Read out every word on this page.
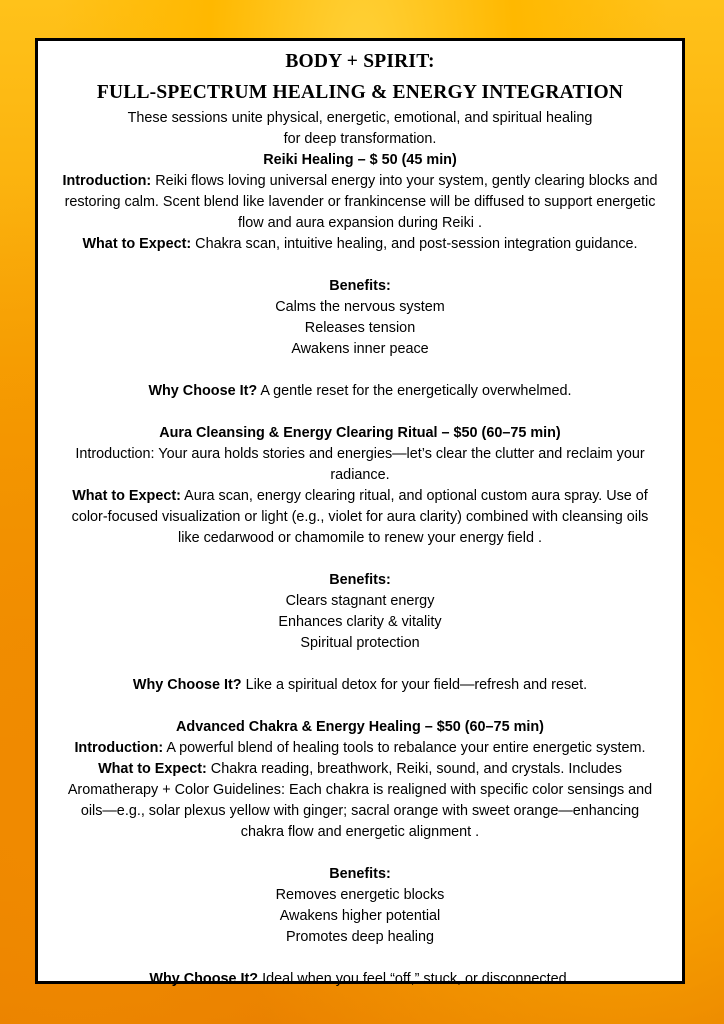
BODY + SPIRIT:
FULL-SPECTRUM HEALING & ENERGY INTEGRATION

These sessions unite physical, energetic, emotional, and spiritual healing

for deep transformation.

Reiki Healing – $ 50 (45 min)

Introduction: Reiki flows loving universal energy into your system, gently clearing blocks and

restoring calm. Scent blend like lavender or frankincense will be diffused to support energetic

flow and aura expansion during Reiki .

What to Expect: Chakra scan, intuitive healing, and post-session integration guidance.

Benefits:

Calms the nervous system

Releases tension

Awakens inner peace

Why Choose It? A gentle reset for the energetically overwhelmed.

Aura Cleansing & Energy Clearing Ritual – $50 (60–75 min)

Introduction: Your aura holds stories and energies—let’s clear the clutter and reclaim your

radiance.

What to Expect: Aura scan, energy clearing ritual, and optional custom aura spray. Use of

color-focused visualization or light (e.g., violet for aura clarity) combined with cleansing oils

like cedarwood or chamomile to renew your energy field .

Benefits:

Clears stagnant energy

Enhances clarity & vitality

Spiritual protection

Why Choose It? Like a spiritual detox for your field—refresh and reset.

Advanced Chakra & Energy Healing – $50 (60–75 min)

Introduction: A powerful blend of healing tools to rebalance your entire energetic system.

What to Expect: Chakra reading, breathwork, Reiki, sound, and crystals. Includes

Aromatherapy + Color Guidelines: Each chakra is realigned with specific color sensings and

oils—e.g., solar plexus yellow with ginger; sacral orange with sweet orange—enhancing

chakra flow and energetic alignment .

Benefits:

Removes energetic blocks

Awakens higher potential

Promotes deep healing

Why Choose It? Ideal when you feel “off,” stuck, or disconnected.
